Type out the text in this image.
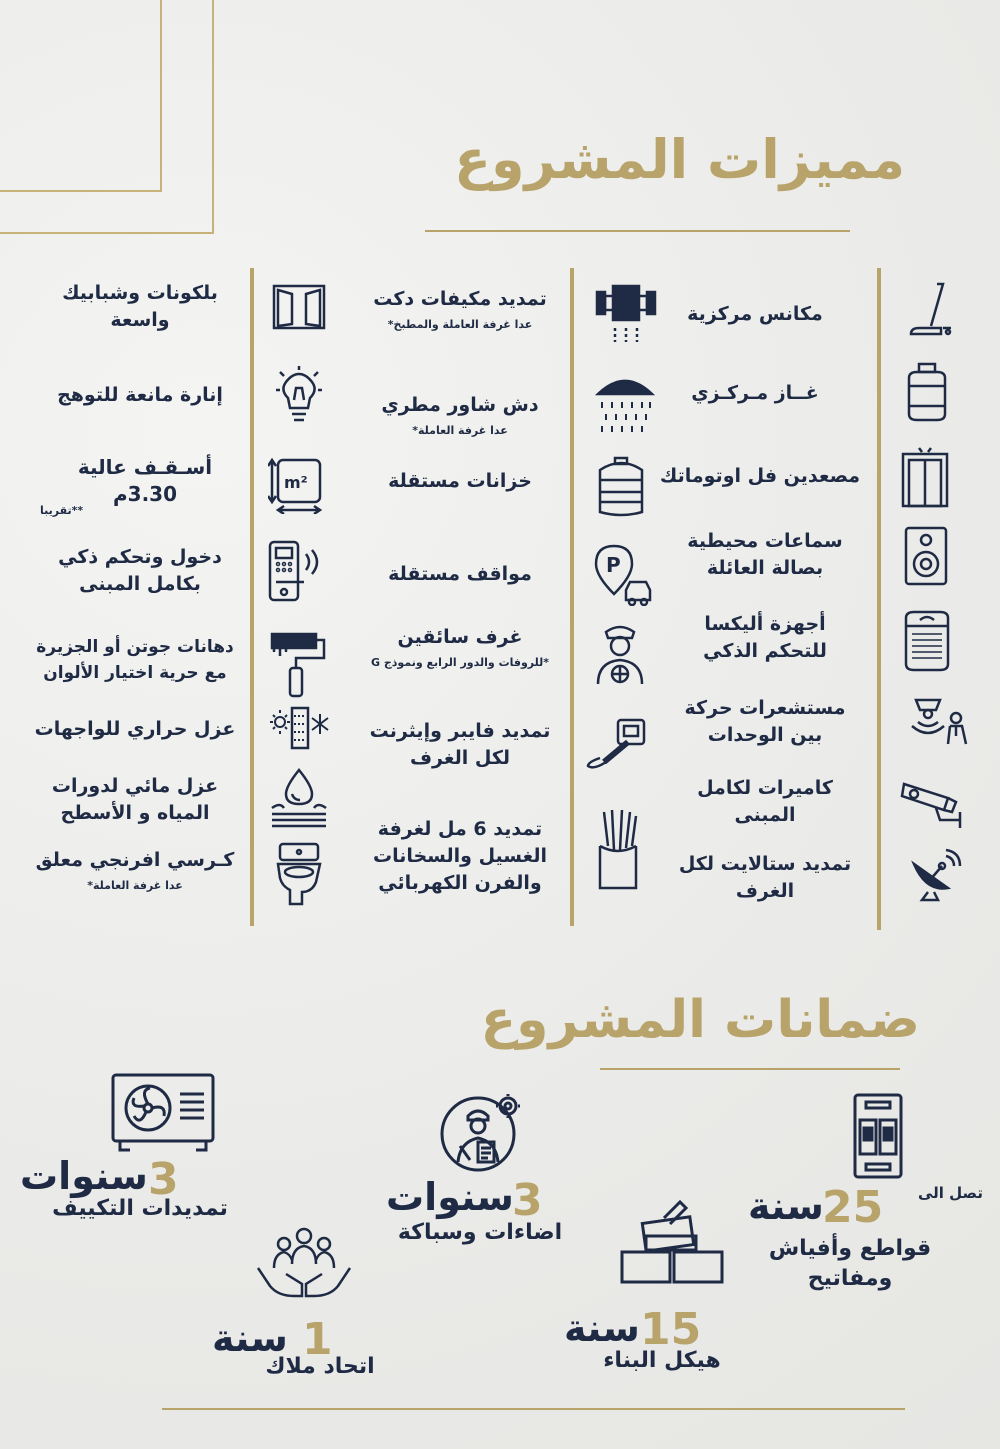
مميزات المشروع
مكانس مركزية
غــاز مـركـزي
مصعدين فل اوتوماتك
سماعات محيطية بصالة العائلة
أجهزة أليكسا للتحكم الذكي
مستشعرات حركة بين الوحدات
كاميرات لكامل المبنى
تمديد ستالايت لكل الغرف
تمديد مكيفات دكت
عدا غرفة العاملة والمطبخ*
دش شاور مطري
عدا غرفة العاملة*
خزانات مستقلة
P
مواقف مستقلة
غرف سائقين
*للروفات والدور الرابع ونموذج G
تمديد فايبر وإيثرنت لكل الغرف
تمديد 6 مل لغرفة الغسيل والسخانات والفرن الكهربائي
بلكونات وشبابيك واسعة
إنارة مانعة للتوهج
m²
أسـقـف عالية 3.30م
**تقريبا
دخول وتحكم ذكي بكامل المبنى
دهانات جوتن أو الجزيرة مع حرية اختيار الألوان
عزل حراري للواجهات
عزل مائي لدورات المياه و الأسطح
كـرسي افرنجي معلق
عدا غرفة العاملة*
ضمانات المشروع
3
سنوات
تمديدات التكييف	3
سنوات
اضاءات وسباكة
تصل الى
25
سنة
قواطع وأفياش ومفاتيح
1
سنة
اتحاد ملاك
15
سنة
هيكل البناء
